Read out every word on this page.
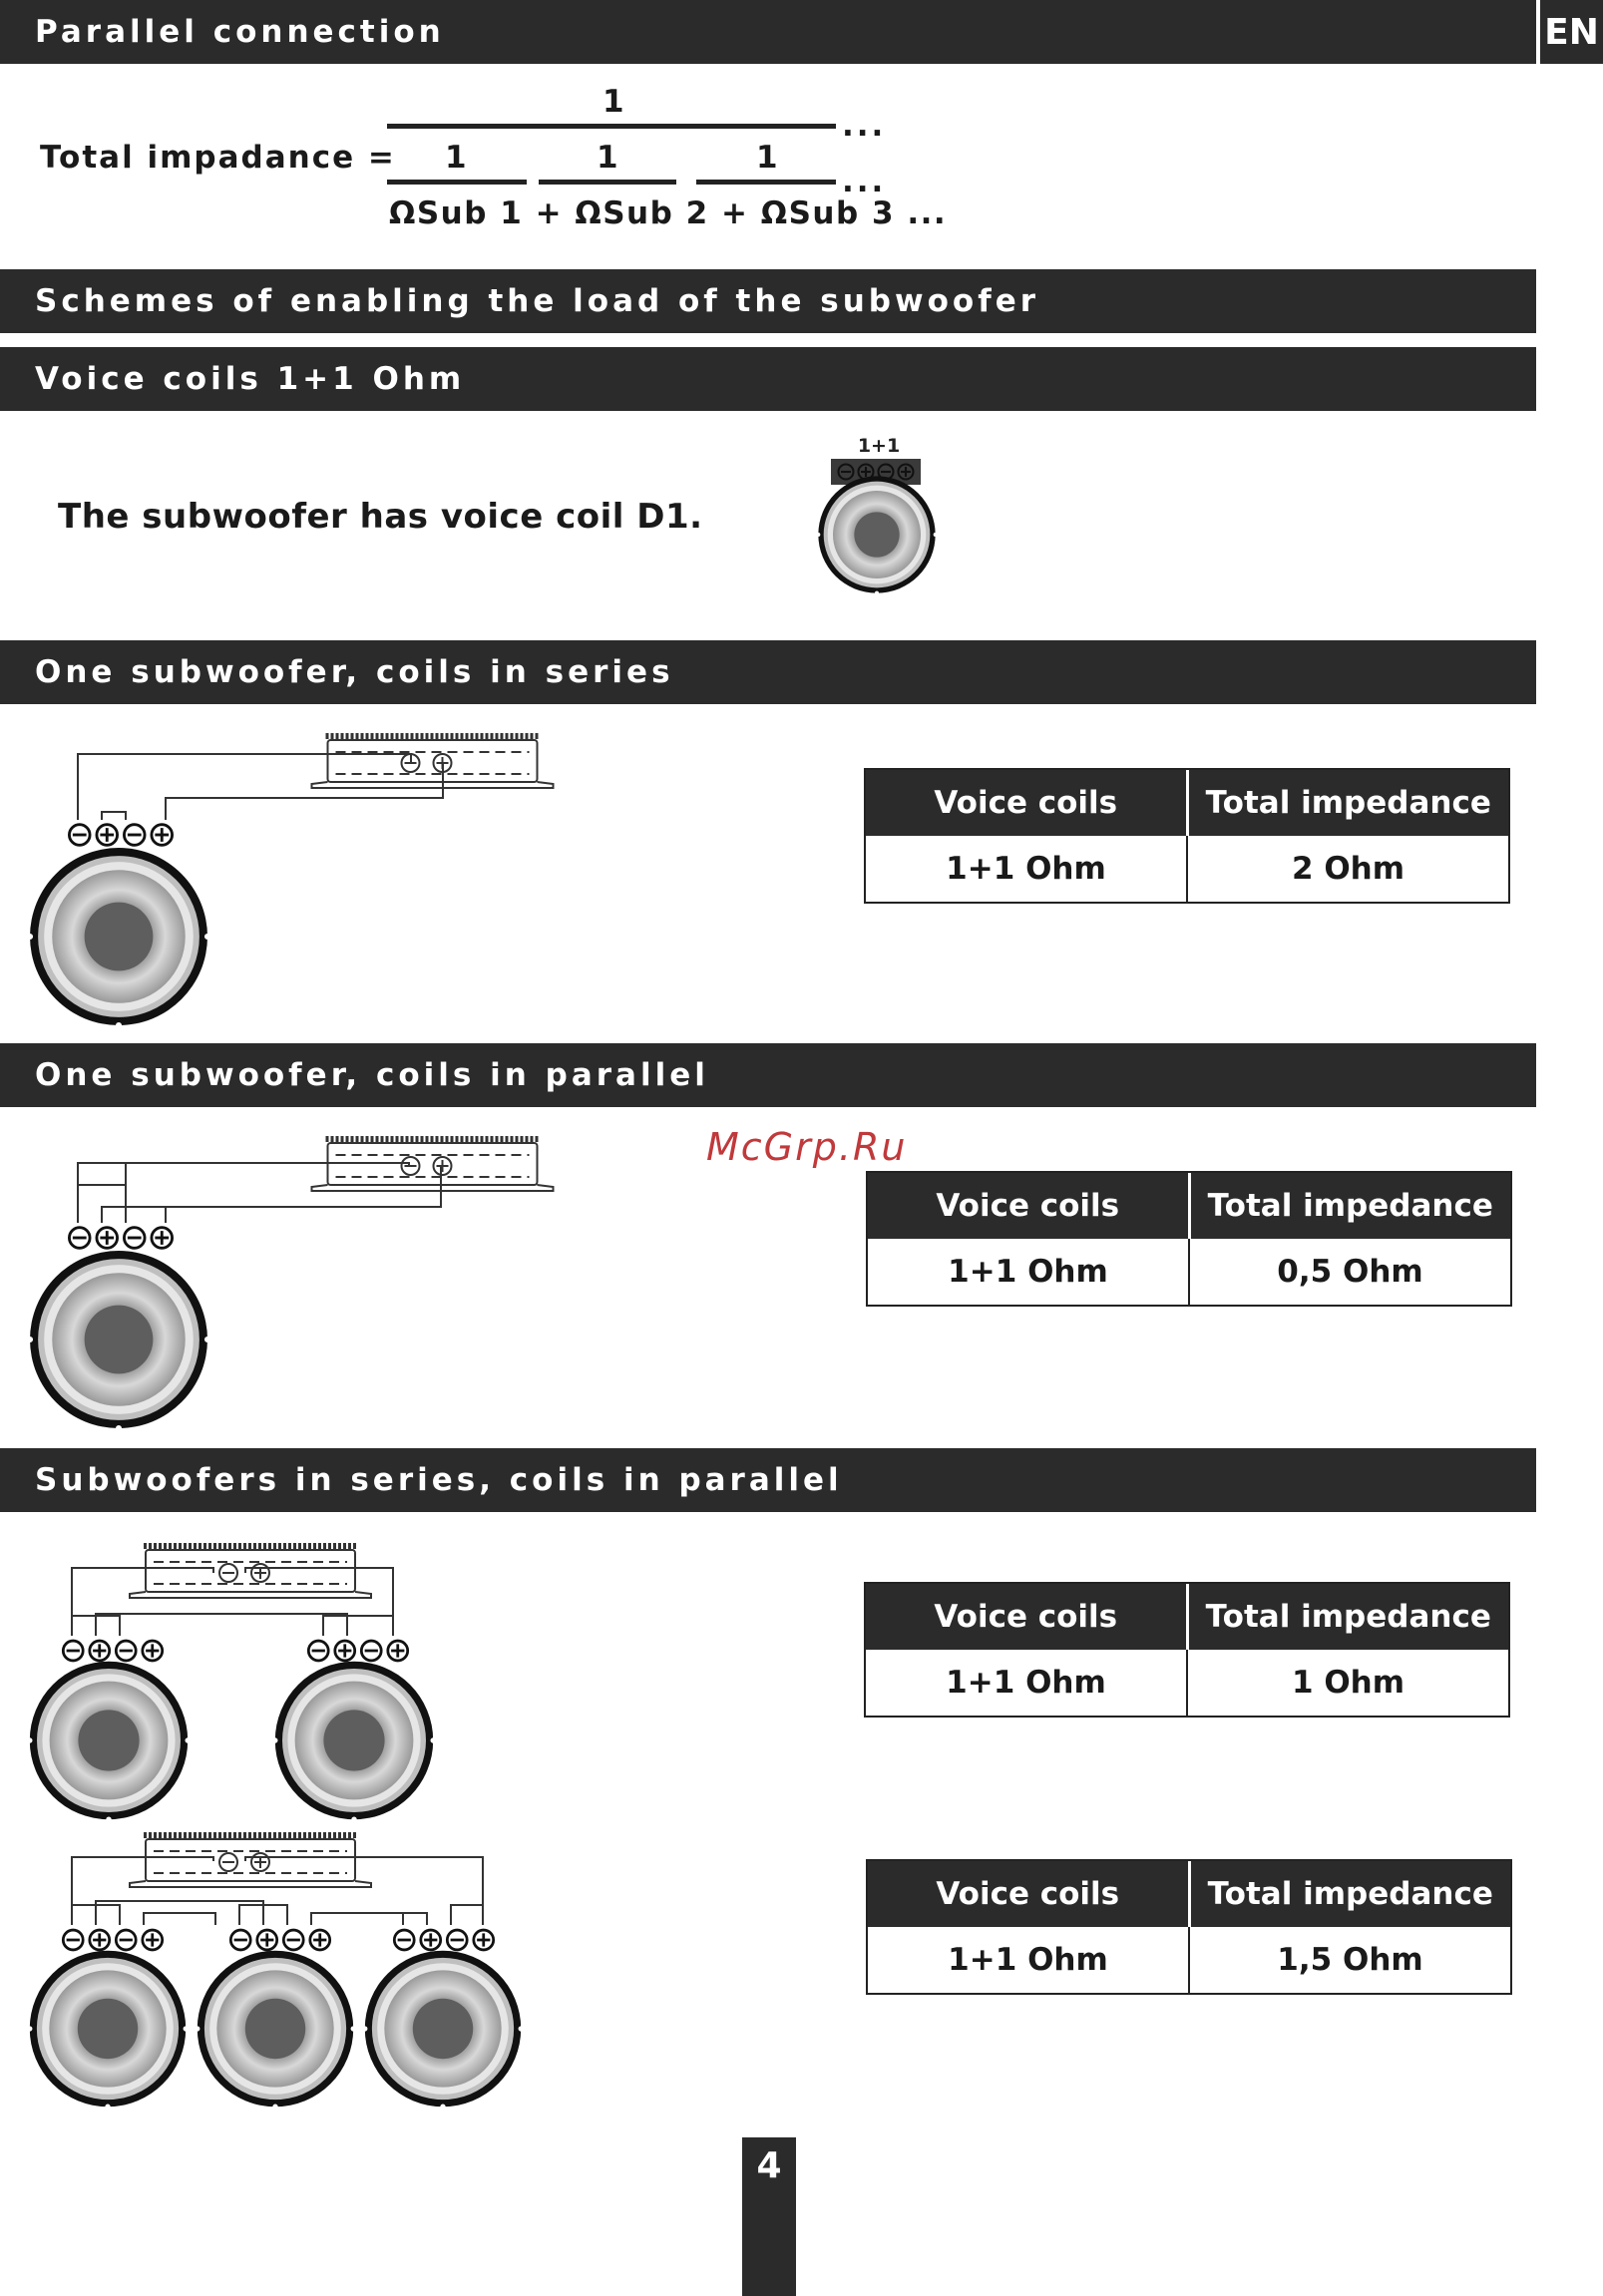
Parallel connection	EN
Total impadance =
1
...
1	1	1
...
ΩSub 1 + ΩSub 2 + ΩSub 3 ...
Schemes of enabling the load of the subwoofer
Voice coils 1+1 Ohm
The subwoofer has voice coil D1.
1+1
One subwoofer, coils in series
Voice coils	Total impedance
1+1 Ohm	2 Ohm
One subwoofer, coils in parallel
McGrp.Ru
Voice coils	Total impedance
1+1 Ohm	0,5 Ohm
Subwoofers in series, coils in parallel
Voice coils	Total impedance
1+1 Ohm	1 Ohm
Voice coils	Total impedance
1+1 Ohm	1,5 Ohm
4
